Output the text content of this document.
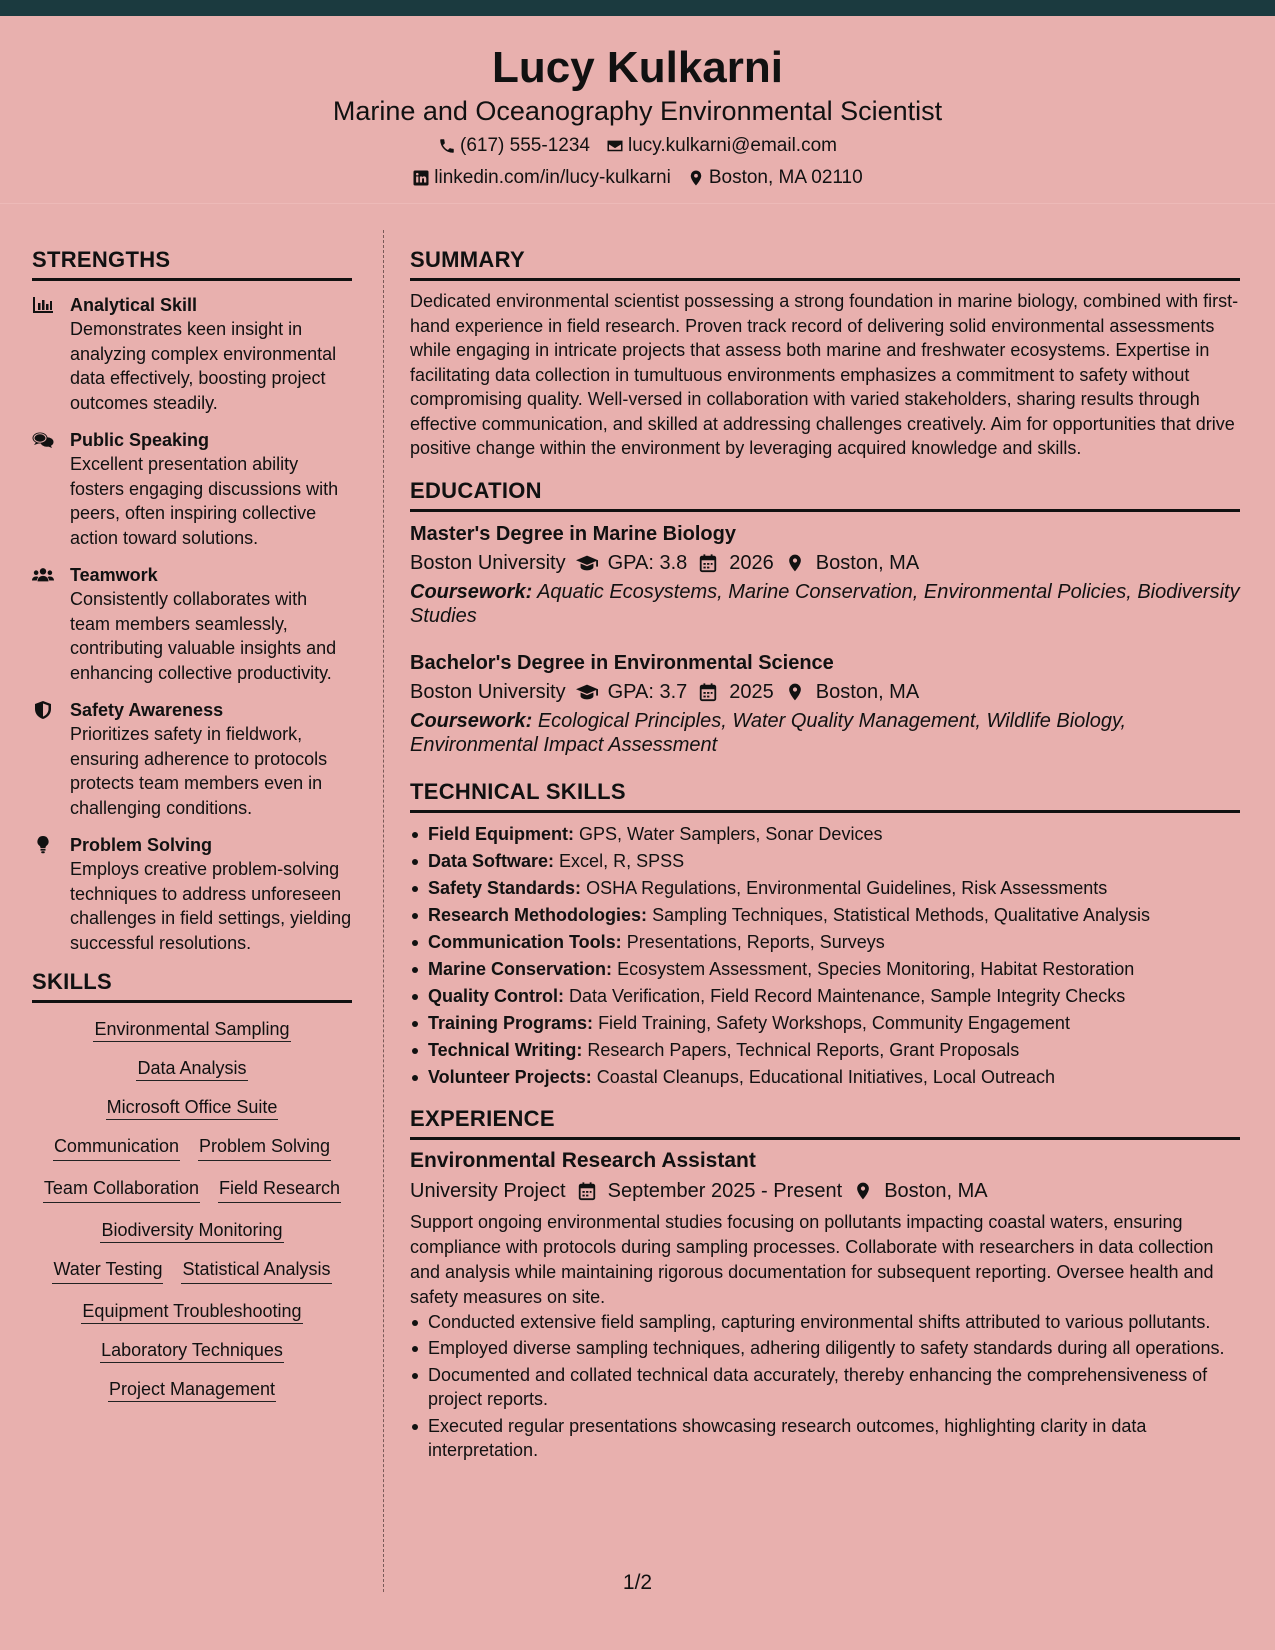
Lucy Kulkarni
Marine and Oceanography Environmental Scientist
(617) 555-1234 lucy.kulkarni@email.com
linkedin.com/in/lucy-kulkarni Boston, MA 02110
STRENGTHS
Analytical Skill
Demonstrates keen insight in analyzing complex environmental data effectively, boosting project outcomes steadily.
Public Speaking
Excellent presentation ability fosters engaging discussions with peers, often inspiring collective action toward solutions.
Teamwork
Consistently collaborates with team members seamlessly, contributing valuable insights and enhancing collective productivity.
Safety Awareness
Prioritizes safety in fieldwork, ensuring adherence to protocols protects team members even in challenging conditions.
Problem Solving
Employs creative problem-solving techniques to address unforeseen challenges in field settings, yielding successful resolutions.
SKILLS
Environmental Sampling
Data Analysis
Microsoft Office Suite
Communication Problem Solving
Team Collaboration Field Research
Biodiversity Monitoring
Water Testing Statistical Analysis
Equipment Troubleshooting
Laboratory Techniques
Project Management
SUMMARY

Dedicated environmental scientist possessing a strong foundation in marine biology, combined with first-hand experience in field research. Proven track record of delivering solid environmental assessments while engaging in intricate projects that assess both marine and freshwater ecosystems. Expertise in facilitating data collection in tumultuous environments emphasizes a commitment to safety without compromising quality. Well-versed in collaboration with varied stakeholders, sharing results through effective communication, and skilled at addressing challenges creatively. Aim for opportunities that drive positive change within the environment by leveraging acquired knowledge and skills.

EDUCATION
Master's Degree in Marine Biology
Boston University GPA: 3.8 2026 Boston, MA
Coursework: Aquatic Ecosystems, Marine Conservation, Environmental Policies, Biodiversity Studies
Bachelor's Degree in Environmental Science
Boston University GPA: 3.7 2025 Boston, MA
Coursework: Ecological Principles, Water Quality Management, Wildlife Biology, Environmental Impact Assessment
TECHNICAL SKILLS
Field Equipment: GPS, Water Samplers, Sonar Devices
Data Software: Excel, R, SPSS
Safety Standards: OSHA Regulations, Environmental Guidelines, Risk Assessments
Research Methodologies: Sampling Techniques, Statistical Methods, Qualitative Analysis
Communication Tools: Presentations, Reports, Surveys
Marine Conservation: Ecosystem Assessment, Species Monitoring, Habitat Restoration
Quality Control: Data Verification, Field Record Maintenance, Sample Integrity Checks
Training Programs: Field Training, Safety Workshops, Community Engagement
Technical Writing: Research Papers, Technical Reports, Grant Proposals
Volunteer Projects: Coastal Cleanups, Educational Initiatives, Local Outreach
EXPERIENCE
Environmental Research Assistant
University Project September 2025 - Present Boston, MA

Support ongoing environmental studies focusing on pollutants impacting coastal waters, ensuring compliance with protocols during sampling processes. Collaborate with researchers in data collection and analysis while maintaining rigorous documentation for subsequent reporting. Oversee health and safety measures on site.

Conducted extensive field sampling, capturing environmental shifts attributed to various pollutants.
Employed diverse sampling techniques, adhering diligently to safety standards during all operations.
Documented and collated technical data accurately, thereby enhancing the comprehensiveness of project reports.
Executed regular presentations showcasing research outcomes, highlighting clarity in data interpretation.
1/2
